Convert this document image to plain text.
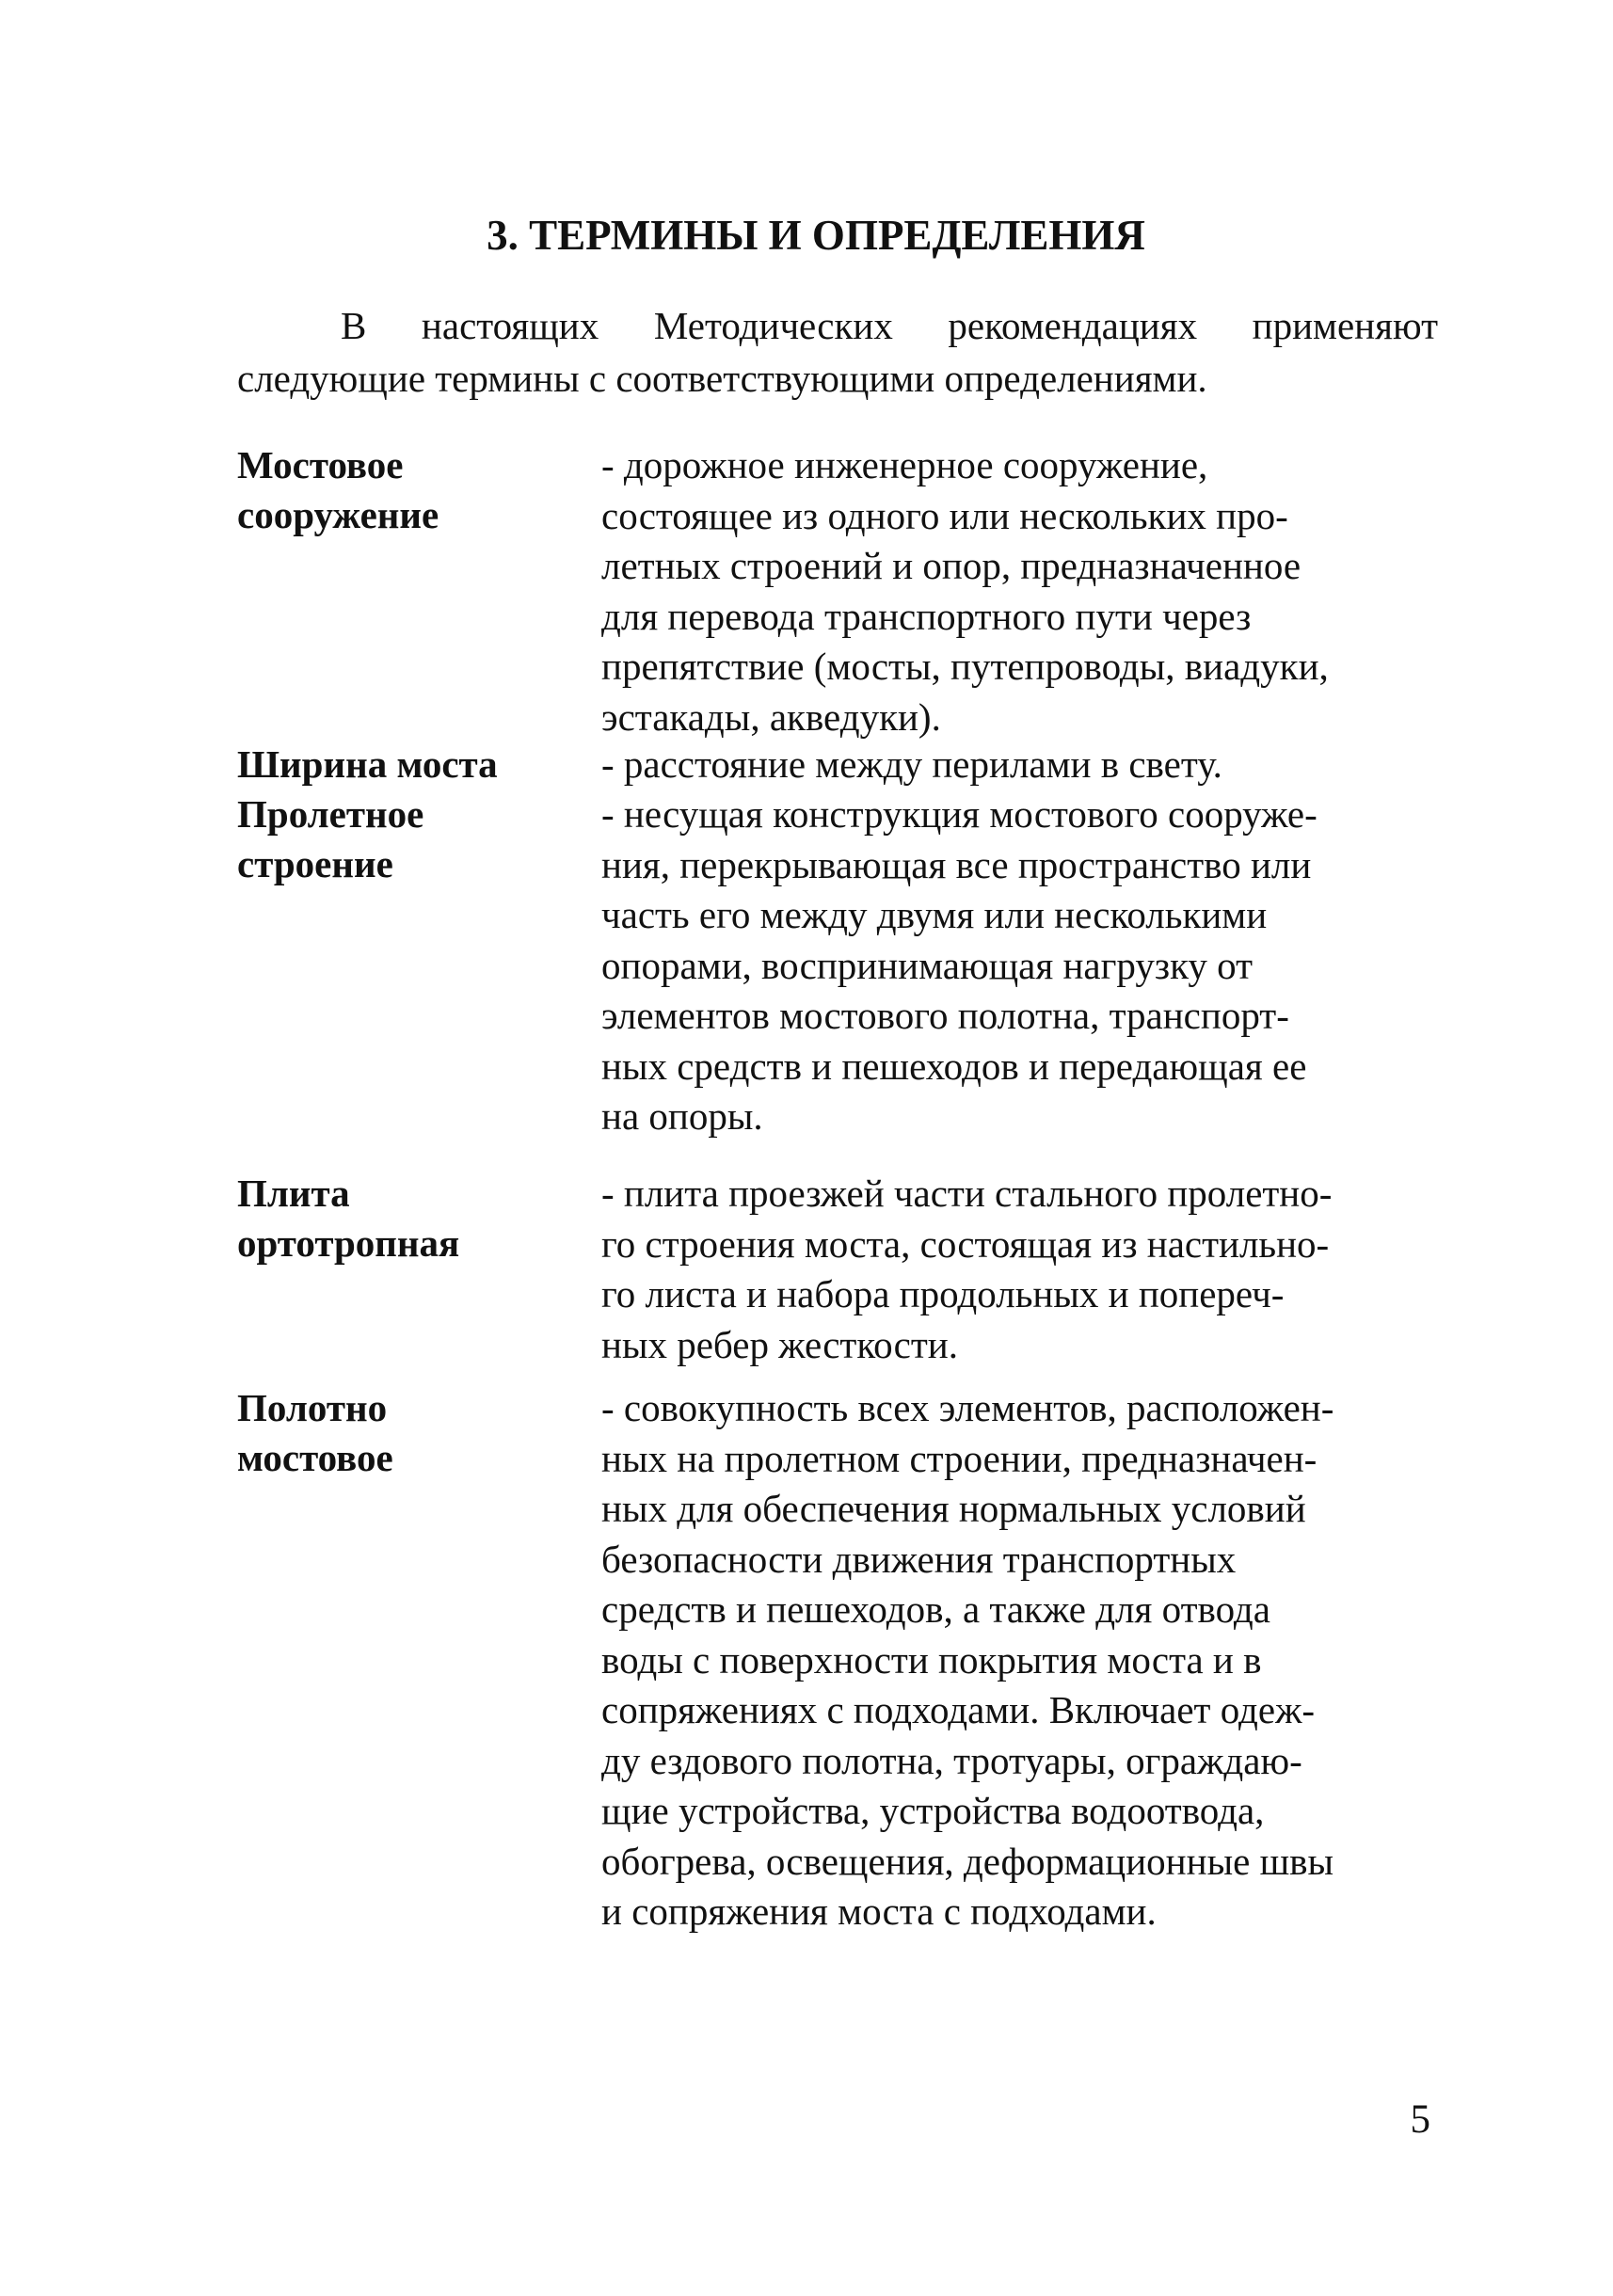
3. ТЕРМИНЫ И ОПРЕДЕЛЕНИЯ
В настоящих Методических рекомендациях применяют
следующие термины с соответствующими определениями.
Мостовое
сооружение
- дорожное инженерное сооружение,
состоящее из одного или нескольких про-
летных строений и опор, предназначенное
для перевода транспортного пути через
препятствие (мосты, путепроводы, виадуки,
эстакады, акведуки).
Ширина моста	- расстояние между перилами в свету.
Пролетное
строение
- несущая конструкция мостового сооруже-
ния, перекрывающая все пространство или
часть его между двумя или несколькими
опорами, воспринимающая нагрузку от
элементов мостового полотна, транспорт-
ных средств и пешеходов и передающая ее
на опоры.
Плита
ортотропная
- плита проезжей части стального пролетно-
го строения моста, состоящая из настильно-
го листа и набора продольных и попереч-
ных ребер жесткости.
Полотно
мостовое
- совокупность всех элементов, расположен-
ных на пролетном строении, предназначен-
ных для обеспечения нормальных условий
безопасности движения транспортных
средств и пешеходов, а также для отвода
воды с поверхности покрытия моста и в
сопряжениях с подходами. Включает одеж-
ду ездового полотна, тротуары, ограждаю-
щие устройства, устройства водоотвода,
обогрева, освещения, деформационные швы
и сопряжения моста с подходами.
5
